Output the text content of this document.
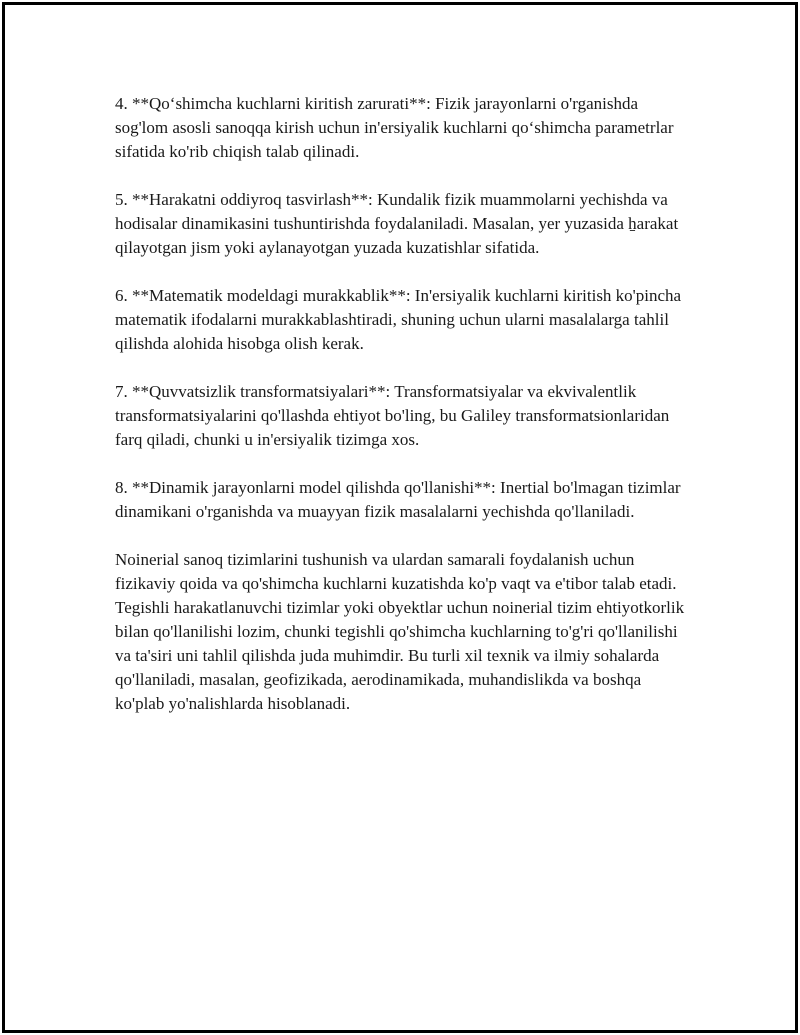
4. **Qo‘shimcha kuchlarni kiritish zarurati**: Fizik jarayonlarni o'rganishda sog'lom asosli sanoqqa kirish uchun in'ersiyalik kuchlarni qo‘shimcha parametrlar sifatida ko'rib chiqish talab qilinadi.

5. **Harakatni oddiyroq tasvirlash**: Kundalik fizik muammolarni yechishda va hodisalar dinamikasini tushuntirishda foydalaniladi. Masalan, yer yuzasida ẖarakat qilayotgan jism yoki aylanayotgan yuzada kuzatishlar sifatida.

6. **Matematik modeldagi murakkablik**: In'ersiyalik kuchlarni kiritish ko'pincha matematik ifodalarni murakkablashtiradi, shuning uchun ularni masalalarga tahlil qilishda alohida hisobga olish kerak.

7. **Quvvatsizlik transformatsiyalari**: Transformatsiyalar va ekvivalentlik transformatsiyalarini qo'llashda ehtiyot bo'ling, bu Galiley transformatsionlaridan farq qiladi, chunki u in'ersiyalik tizimga xos.

8. **Dinamik jarayonlarni model qilishda qo'llanishi**: Inertial bo'lmagan tizimlar dinamikani o'rganishda va muayyan fizik masalalarni yechishda qo'llaniladi.

Noinerial sanoq tizimlarini tushunish va ulardan samarali foydalanish uchun fizikaviy qoida va qo'shimcha kuchlarni kuzatishda ko'p vaqt va e'tibor talab etadi. Tegishli harakatlanuvchi tizimlar yoki obyektlar uchun noinerial tizim ehtiyotkorlik bilan qo'llanilishi lozim, chunki tegishli qo'shimcha kuchlarning to'g'ri qo'llanilishi va ta'siri uni tahlil qilishda juda muhimdir. Bu turli xil texnik va ilmiy sohalarda qo'llaniladi, masalan, geofizikada, aerodinamikada, muhandislikda va boshqa ko'plab yo'nalishlarda hisoblanadi.
